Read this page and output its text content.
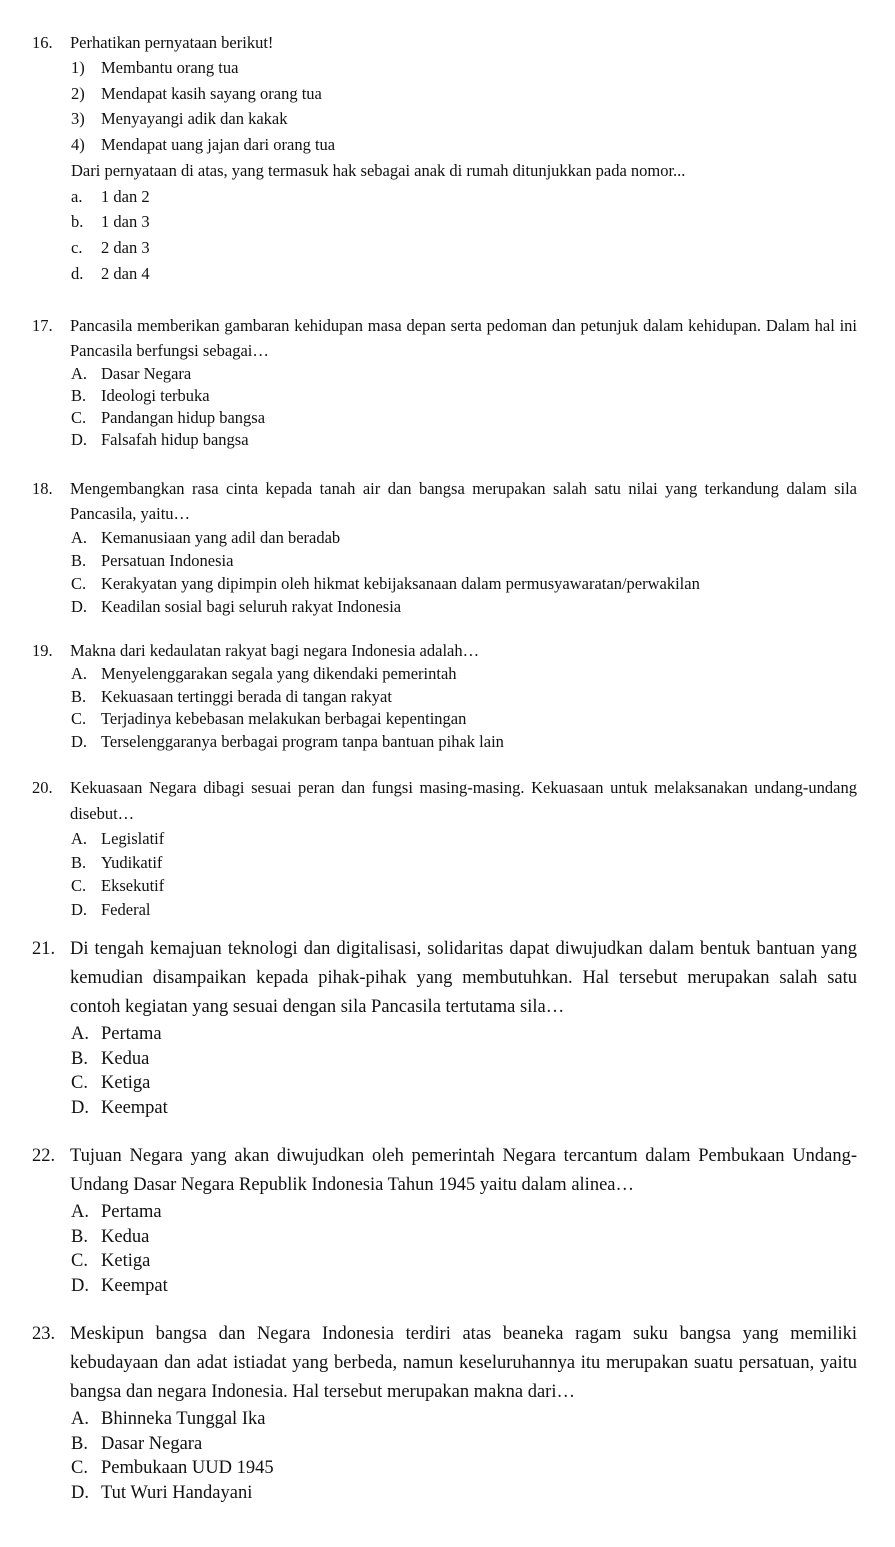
16. Perhatikan pernyataan berikut!
1) Membantu orang tua
2) Mendapat kasih sayang orang tua
3) Menyayangi adik dan kakak
4) Mendapat uang jajan dari orang tua
Dari pernyataan di atas, yang termasuk hak sebagai anak di rumah ditunjukkan pada nomor...
a. 1 dan 2
b. 1 dan 3
c. 2 dan 3
d. 2 dan 4
17. Pancasila memberikan gambaran kehidupan masa depan serta pedoman dan petunjuk dalam kehidupan. Dalam hal ini Pancasila berfungsi sebagai…
A. Dasar Negara
B. Ideologi terbuka
C. Pandangan hidup bangsa
D. Falsafah hidup bangsa
18. Mengembangkan rasa cinta kepada tanah air dan bangsa merupakan salah satu nilai yang terkandung dalam sila Pancasila, yaitu…
A. Kemanusiaan yang adil dan beradab
B. Persatuan Indonesia
C. Kerakyatan yang dipimpin oleh hikmat kebijaksanaan dalam permusyawaratan/perwakilan
D. Keadilan sosial bagi seluruh rakyat Indonesia
19. Makna dari kedaulatan rakyat bagi negara Indonesia adalah…
A. Menyelenggarakan segala yang dikendaki pemerintah
B. Kekuasaan tertinggi berada di tangan rakyat
C. Terjadinya kebebasan melakukan berbagai kepentingan
D. Terselenggaranya berbagai program tanpa bantuan pihak lain
20. Kekuasaan Negara dibagi sesuai peran dan fungsi masing-masing. Kekuasaan untuk melaksanakan undang-undang disebut…
A. Legislatif
B. Yudikatif
C. Eksekutif
D. Federal
21. Di tengah kemajuan teknologi dan digitalisasi, solidaritas dapat diwujudkan dalam bentuk bantuan yang kemudian disampaikan kepada pihak-pihak yang membutuhkan. Hal tersebut merupakan salah satu contoh kegiatan yang sesuai dengan sila Pancasila tertutama sila…
A. Pertama
B. Kedua
C. Ketiga
D. Keempat
22. Tujuan Negara yang akan diwujudkan oleh pemerintah Negara tercantum dalam Pembukaan Undang-Undang Dasar Negara Republik Indonesia Tahun 1945 yaitu dalam alinea…
A. Pertama
B. Kedua
C. Ketiga
D. Keempat
23. Meskipun bangsa dan Negara Indonesia terdiri atas beaneka ragam suku bangsa yang memiliki kebudayaan dan adat istiadat yang berbeda, namun keseluruhannya itu merupakan suatu persatuan, yaitu bangsa dan negara Indonesia. Hal tersebut merupakan makna dari…
A. Bhinneka Tunggal Ika
B. Dasar Negara
C. Pembukaan UUD 1945
D. Tut Wuri Handayani
